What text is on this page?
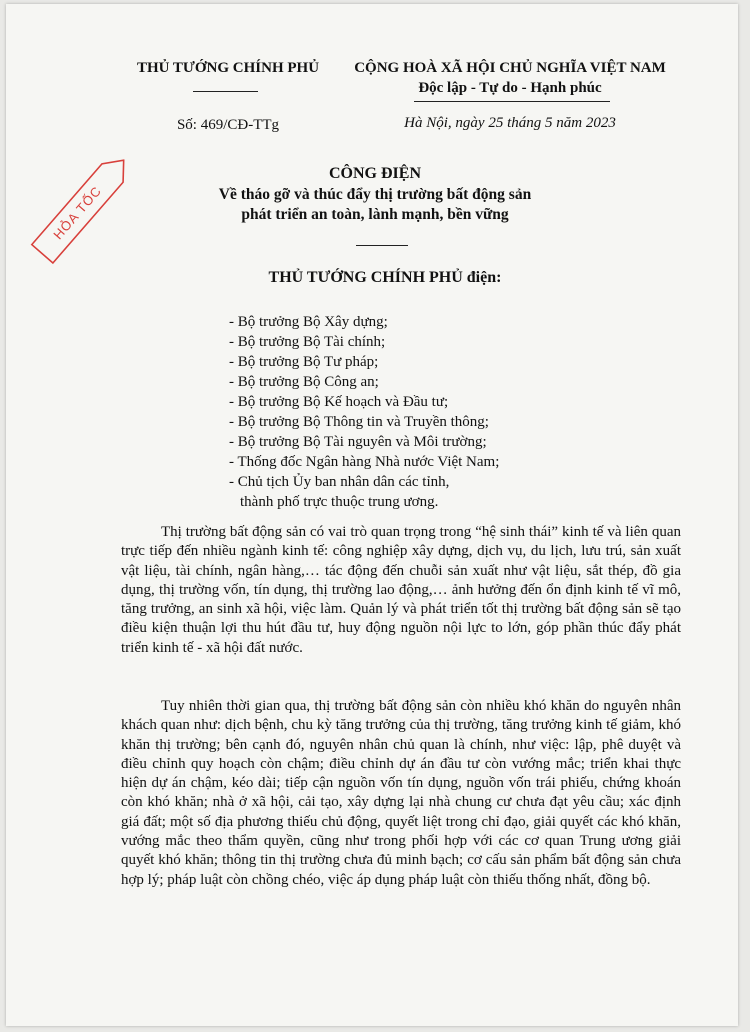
THỦ TƯỚNG CHÍNH PHỦ	CỘNG HOÀ XÃ HỘI CHỦ NGHĨA VIỆT NAM
Độc lập - Tự do - Hạnh phúc
Số: 469/CĐ-TTg	Hà Nội, ngày 25 tháng 5 năm 2023
HỎA TỐC
CÔNG ĐIỆN
Về tháo gỡ và thúc đẩy thị trường bất động sản
phát triển an toàn, lành mạnh, bền vững
THỦ TƯỚNG CHÍNH PHỦ điện:
- Bộ trưởng Bộ Xây dựng;
- Bộ trưởng Bộ Tài chính;
- Bộ trưởng Bộ Tư pháp;
- Bộ trưởng Bộ Công an;
- Bộ trưởng Bộ Kế hoạch và Đầu tư;
- Bộ trưởng Bộ Thông tin và Truyền thông;
- Bộ trưởng Bộ Tài nguyên và Môi trường;
- Thống đốc Ngân hàng Nhà nước Việt Nam;
- Chủ tịch Ủy ban nhân dân các tỉnh,
thành phố trực thuộc trung ương.

Thị trường bất động sản có vai trò quan trọng trong “hệ sinh thái” kinh tế và liên quan trực tiếp đến nhiều ngành kinh tế: công nghiệp xây dựng, dịch vụ, du lịch, lưu trú, sản xuất vật liệu, tài chính, ngân hàng,… tác động đến chuỗi sản xuất như vật liệu, sắt thép, đồ gia dụng, thị trường vốn, tín dụng, thị trường lao động,… ảnh hưởng đến ổn định kinh tế vĩ mô, tăng trưởng, an sinh xã hội, việc làm. Quản lý và phát triển tốt thị trường bất động sản sẽ tạo điều kiện thuận lợi thu hút đầu tư, huy động nguồn nội lực to lớn, góp phần thúc đẩy phát triển kinh tế - xã hội đất nước.

Tuy nhiên thời gian qua, thị trường bất động sản còn nhiều khó khăn do nguyên nhân khách quan như: dịch bệnh, chu kỳ tăng trưởng của thị trường, tăng trưởng kinh tế giảm, khó khăn thị trường; bên cạnh đó, nguyên nhân chủ quan là chính, như việc: lập, phê duyệt và điều chỉnh quy hoạch còn chậm; điều chỉnh dự án đầu tư còn vướng mắc; triển khai thực hiện dự án chậm, kéo dài; tiếp cận nguồn vốn tín dụng, nguồn vốn trái phiếu, chứng khoán còn khó khăn; nhà ở xã hội, cải tạo, xây dựng lại nhà chung cư chưa đạt yêu cầu; xác định giá đất; một số địa phương thiếu chủ động, quyết liệt trong chỉ đạo, giải quyết các khó khăn, vướng mắc theo thẩm quyền, cũng như trong phối hợp với các cơ quan Trung ương giải quyết khó khăn; thông tin thị trường chưa đủ minh bạch; cơ cấu sản phẩm bất động sản chưa hợp lý; pháp luật còn chồng chéo, việc áp dụng pháp luật còn thiếu thống nhất, đồng bộ.
